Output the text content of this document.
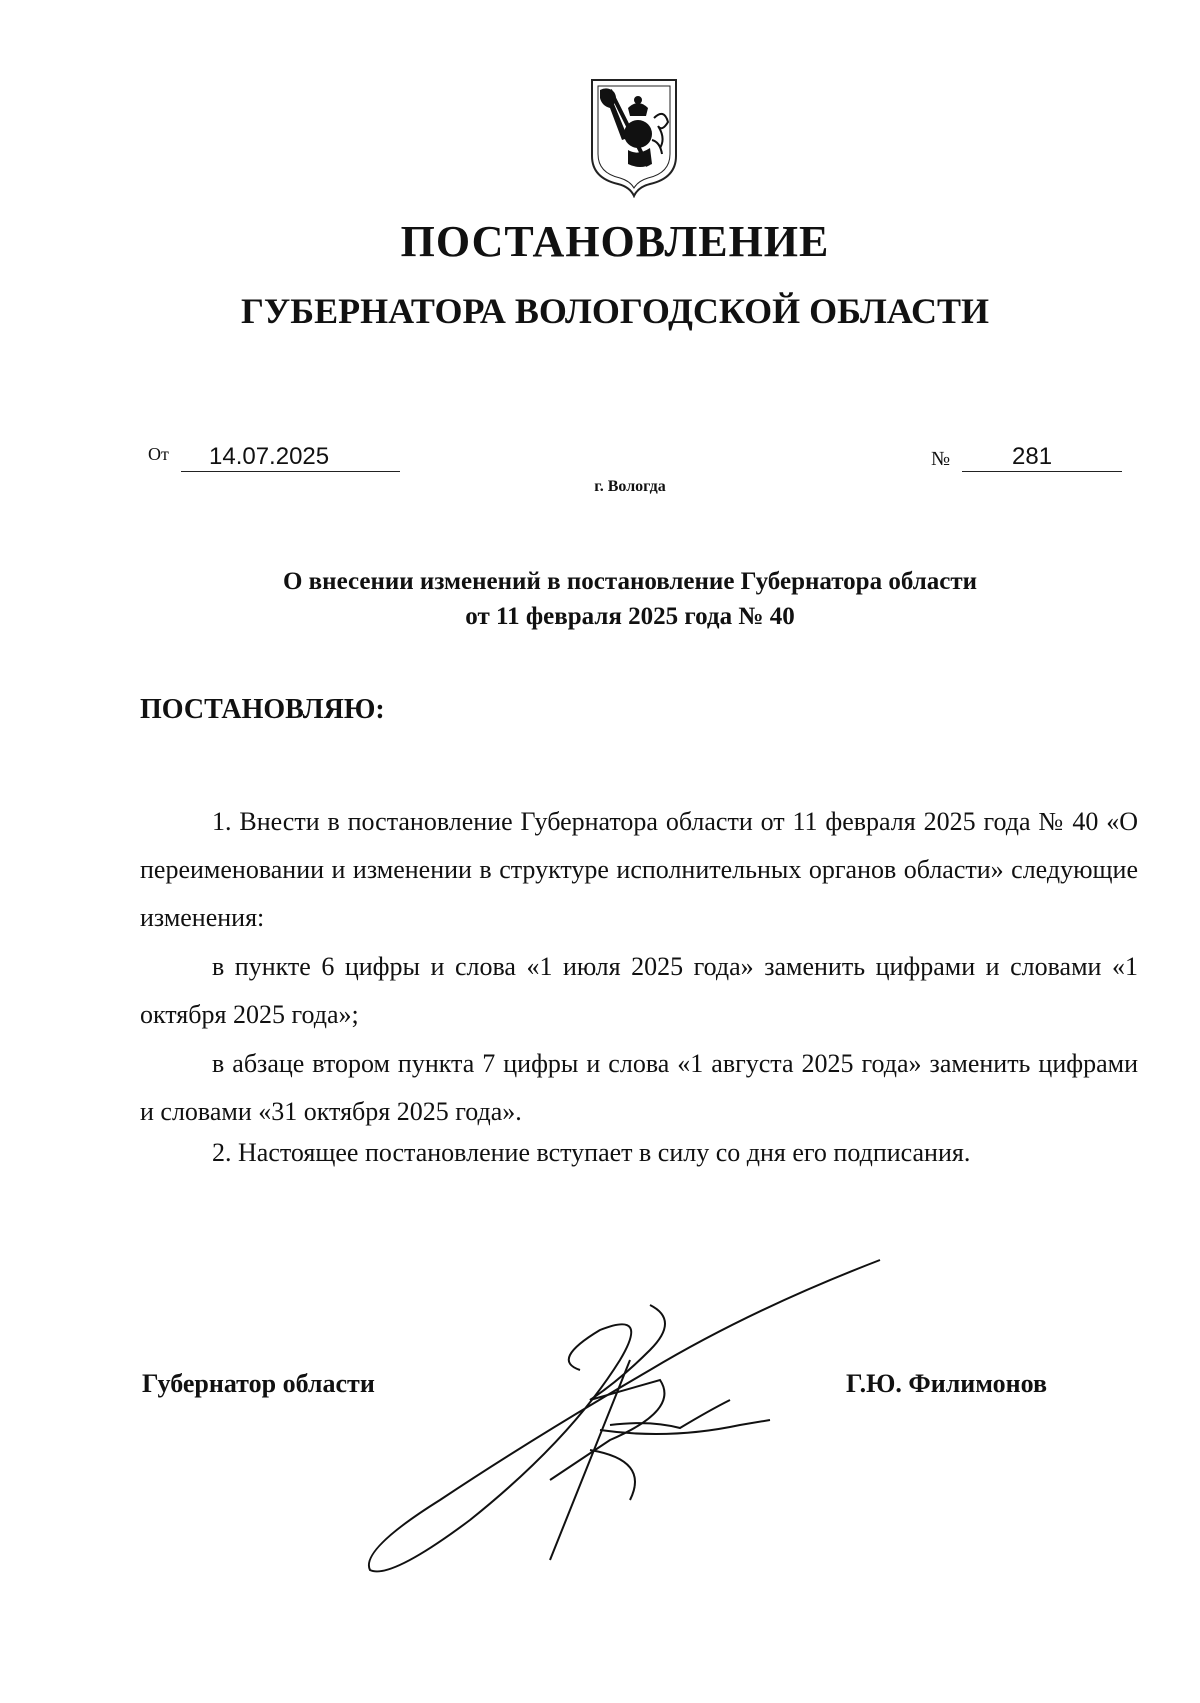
ПОСТАНОВЛЕНИЕ
ГУБЕРНАТОРА ВОЛОГОДСКОЙ ОБЛАСТИ
От	14.07.2025	№	281
г. Вологда
О внесении изменений в постановление Губернатора области
от 11 февраля 2025 года № 40
ПОСТАНОВЛЯЮ:
1. Внести в постановление Губернатора области от 11 февраля 2025 года № 40 «О переименовании и изменении в структуре исполнительных органов области» следующие изменения:
в пункте 6 цифры и слова «1 июля 2025 года» заменить цифрами и словами «1 октября 2025 года»;
в абзаце втором пункта 7 цифры и слова «1 августа 2025 года» заменить цифрами и словами «31 октября 2025 года».
2. Настоящее постановление вступает в силу со дня его подписания.
Губернатор области	Г.Ю. Филимонов
